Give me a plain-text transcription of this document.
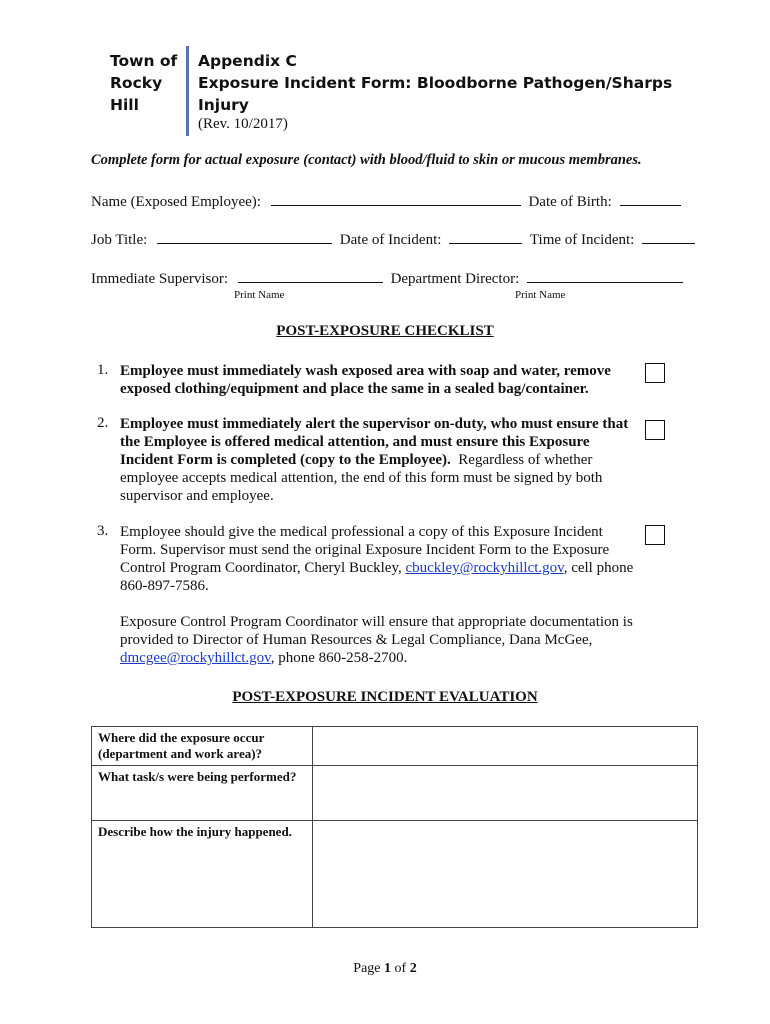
Town of
Rocky
Hill
Appendix C
Exposure Incident Form: Bloodborne Pathogen/Sharps
Injury
(Rev. 10/2017)
Complete form for actual exposure (contact) with blood/fluid to skin or mucous membranes.
Name (Exposed Employee):	Date of Birth:
Job Title:	Date of Incident:	Time of Incident:
Immediate Supervisor:	Department Director:
Print Name	Print Name
POST-EXPOSURE CHECKLIST
1. Employee must immediately wash exposed area with soap and water, remove exposed clothing/equipment and place the same in a sealed bag/container.
2. Employee must immediately alert the supervisor on-duty, who must ensure that the Employee is offered medical attention, and must ensure this Exposure Incident Form is completed (copy to the Employee). Regardless of whether employee accepts medical attention, the end of this form must be signed by both supervisor and employee.
3. Employee should give the medical professional a copy of this Exposure Incident Form. Supervisor must send the original Exposure Incident Form to the Exposure Control Program Coordinator, Cheryl Buckley, cbuckley@rockyhillct.gov, cell phone 860-897-7586.
Exposure Control Program Coordinator will ensure that appropriate documentation is provided to Director of Human Resources & Legal Compliance, Dana McGee, dmcgee@rockyhillct.gov, phone 860-258-2700.
POST-EXPOSURE INCIDENT EVALUATION
Where did the exposure occur (department and work area)?	
What task/s were being performed?	
Describe how the injury happened.	
Page 1 of 2
